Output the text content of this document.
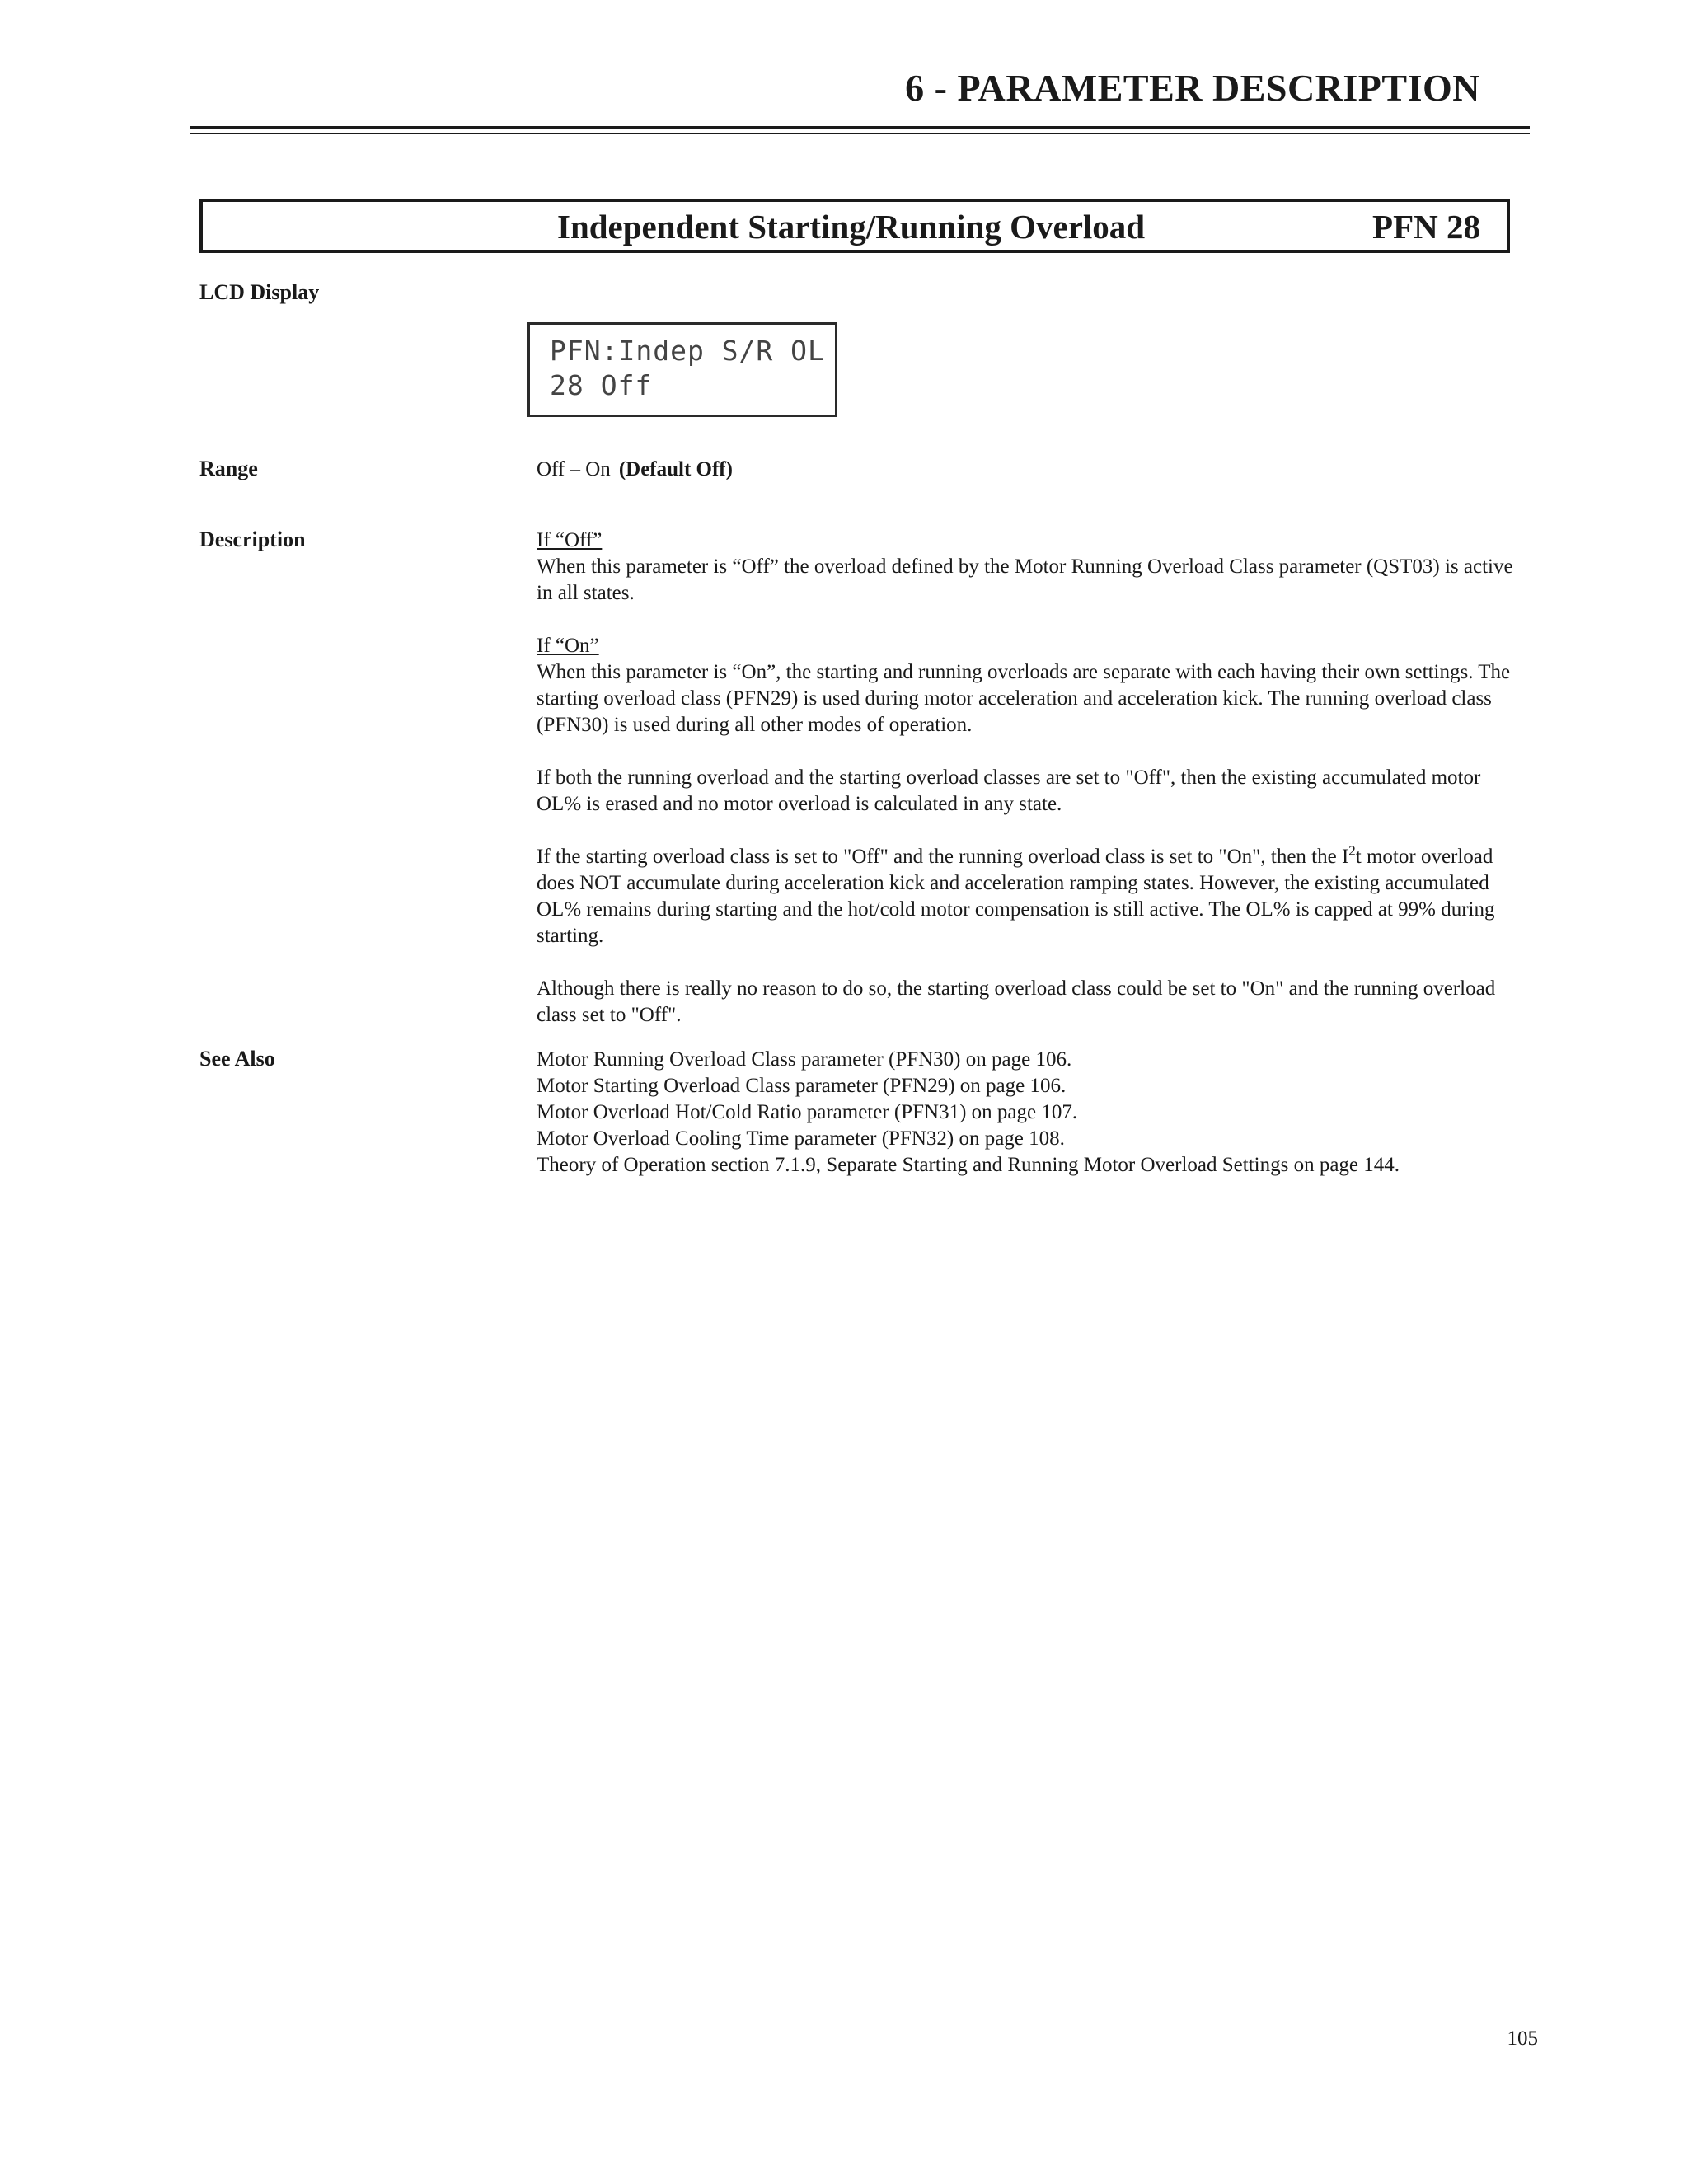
6 - PARAMETER DESCRIPTION
Independent Starting/Running Overload	PFN 28
LCD Display
PFN:Indep S/R OL
28 Off
Range	Off – On (Default Off)
Description	If “Off”
When this parameter is “Off” the overload defined by the Motor Running Overload Class parameter (QST03) is active in all states.

If “On”
When this parameter is “On”, the starting and running overloads are separate with each having their own settings. The starting overload class (PFN29) is used during motor acceleration and acceleration kick. The running overload class (PFN30) is used during all other modes of operation.

If both the running overload and the starting overload classes are set to "Off", then the existing accumulated motor OL% is erased and no motor overload is calculated in any state.

If the starting overload class is set to "Off" and the running overload class is set to "On", then the $I^2t$ motor overload does NOT accumulate during acceleration kick and acceleration ramping states. However, the existing accumulated OL% remains during starting and the hot/cold motor compensation is still active. The OL% is capped at 99% during starting.

Although there is really no reason to do so, the starting overload class could be set to "On" and the running overload class set to "Off".

See Also	Motor Running Overload Class parameter (PFN30) on page 106.
Motor Starting Overload Class parameter (PFN29) on page 106.
Motor Overload Hot/Cold Ratio parameter (PFN31) on page 107.
Motor Overload Cooling Time parameter (PFN32) on page 108.
Theory of Operation section 7.1.9, Separate Starting and Running Motor Overload Settings on page 144.
105
